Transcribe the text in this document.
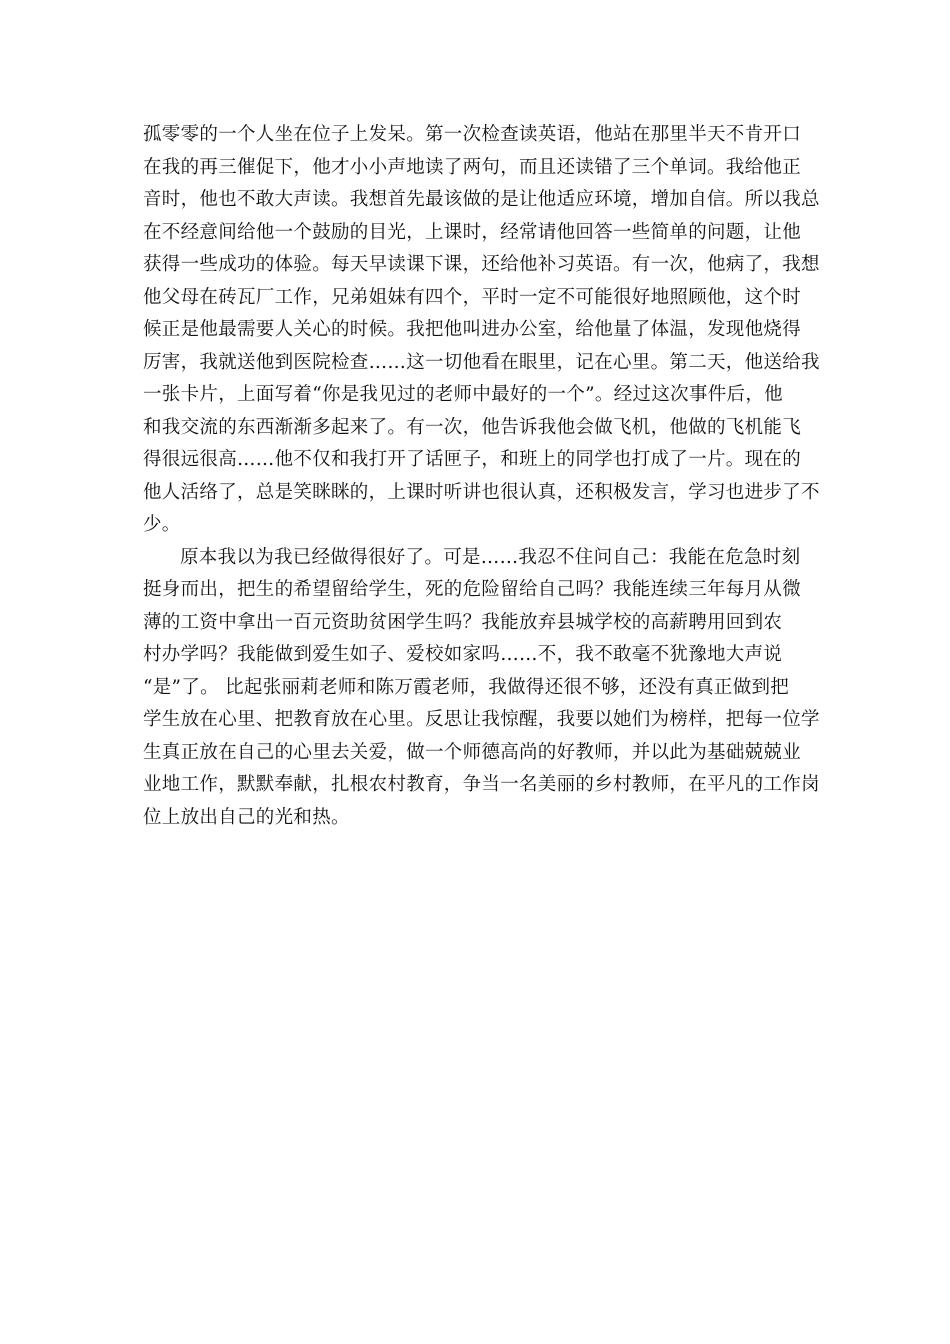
孤零零的一个人坐在位子上发呆。第一次检查读英语，他站在那里半天不肯开口
在我的再三催促下，他才小小声地读了两句，而且还读错了三个单词。我给他正
音时，他也不敢大声读。我想首先最该做的是让他适应环境，增加自信。所以我总
在不经意间给他一个鼓励的目光，上课时，经常请他回答一些简单的问题，让他
获得一些成功的体验。每天早读课下课，还给他补习英语。有一次，他病了，我想
他父母在砖瓦厂工作，兄弟姐妹有四个，平时一定不可能很好地照顾他，这个时
候正是他最需要人关心的时候。我把他叫进办公室，给他量了体温，发现他烧得
厉害，我就送他到医院检查……这一切他看在眼里，记在心里。第二天，他送给我
一张卡片，上面写着“你是我见过的老师中最好的一个”。经过这次事件后，他
和我交流的东西渐渐多起来了。有一次，他告诉我他会做飞机，他做的飞机能飞
得很远很高……他不仅和我打开了话匣子，和班上的同学也打成了一片。现在的
他人活络了，总是笑眯眯的，上课时听讲也很认真，还积极发言，学习也进步了不
少。
原本我以为我已经做得很好了。可是……我忍不住问自己：我能在危急时刻
挺身而出，把生的希望留给学生，死的危险留给自己吗？我能连续三年每月从微
薄的工资中拿出一百元资助贫困学生吗？我能放弃县城学校的高薪聘用回到农
村办学吗？我能做到爱生如子、爱校如家吗……不，我不敢毫不犹豫地大声说
“是”了。 比起张丽莉老师和陈万霞老师，我做得还很不够，还没有真正做到把
学生放在心里、把教育放在心里。反思让我惊醒，我要以她们为榜样，把每一位学
生真正放在自己的心里去关爱，做一个师德高尚的好教师，并以此为基础兢兢业
业地工作，默默奉献，扎根农村教育，争当一名美丽的乡村教师，在平凡的工作岗
位上放出自己的光和热。
